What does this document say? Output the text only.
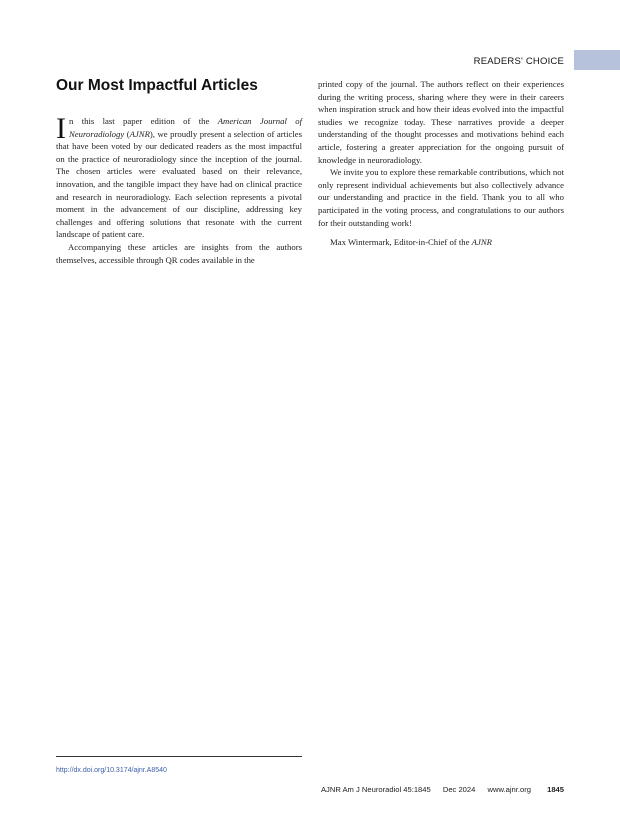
READERS' CHOICE
Our Most Impactful Articles

In this last paper edition of the American Journal of Neuroradiology (AJNR), we proudly present a selection of articles that have been voted by our dedicated readers as the most impactful on the practice of neuroradiology since the inception of the journal. The chosen articles were evaluated based on their relevance, innovation, and the tangible impact they have had on clinical practice and research in neuroradiology. Each selection represents a pivotal moment in the advancement of our discipline, addressing key challenges and offering solutions that resonate with the current landscape of patient care.

Accompanying these articles are insights from the authors themselves, accessible through QR codes available in the

printed copy of the journal. The authors reflect on their experiences during the writing process, sharing where they were in their careers when inspiration struck and how their ideas evolved into the impactful studies we recognize today. These narratives provide a deeper understanding of the thought processes and motivations behind each article, fostering a greater appreciation for the ongoing pursuit of knowledge in neuroradiology.

We invite you to explore these remarkable contributions, which not only represent individual achievements but also collectively advance our understanding and practice in the field. Thank you to all who participated in the voting process, and congratulations to our authors for their outstanding work!

Max Wintermark, Editor-in-Chief of the AJNR

http://dx.doi.org/10.3174/ajnr.A8540
AJNR Am J Neuroradiol 45:1845 Dec 2024 www.ajnr.org 1845
